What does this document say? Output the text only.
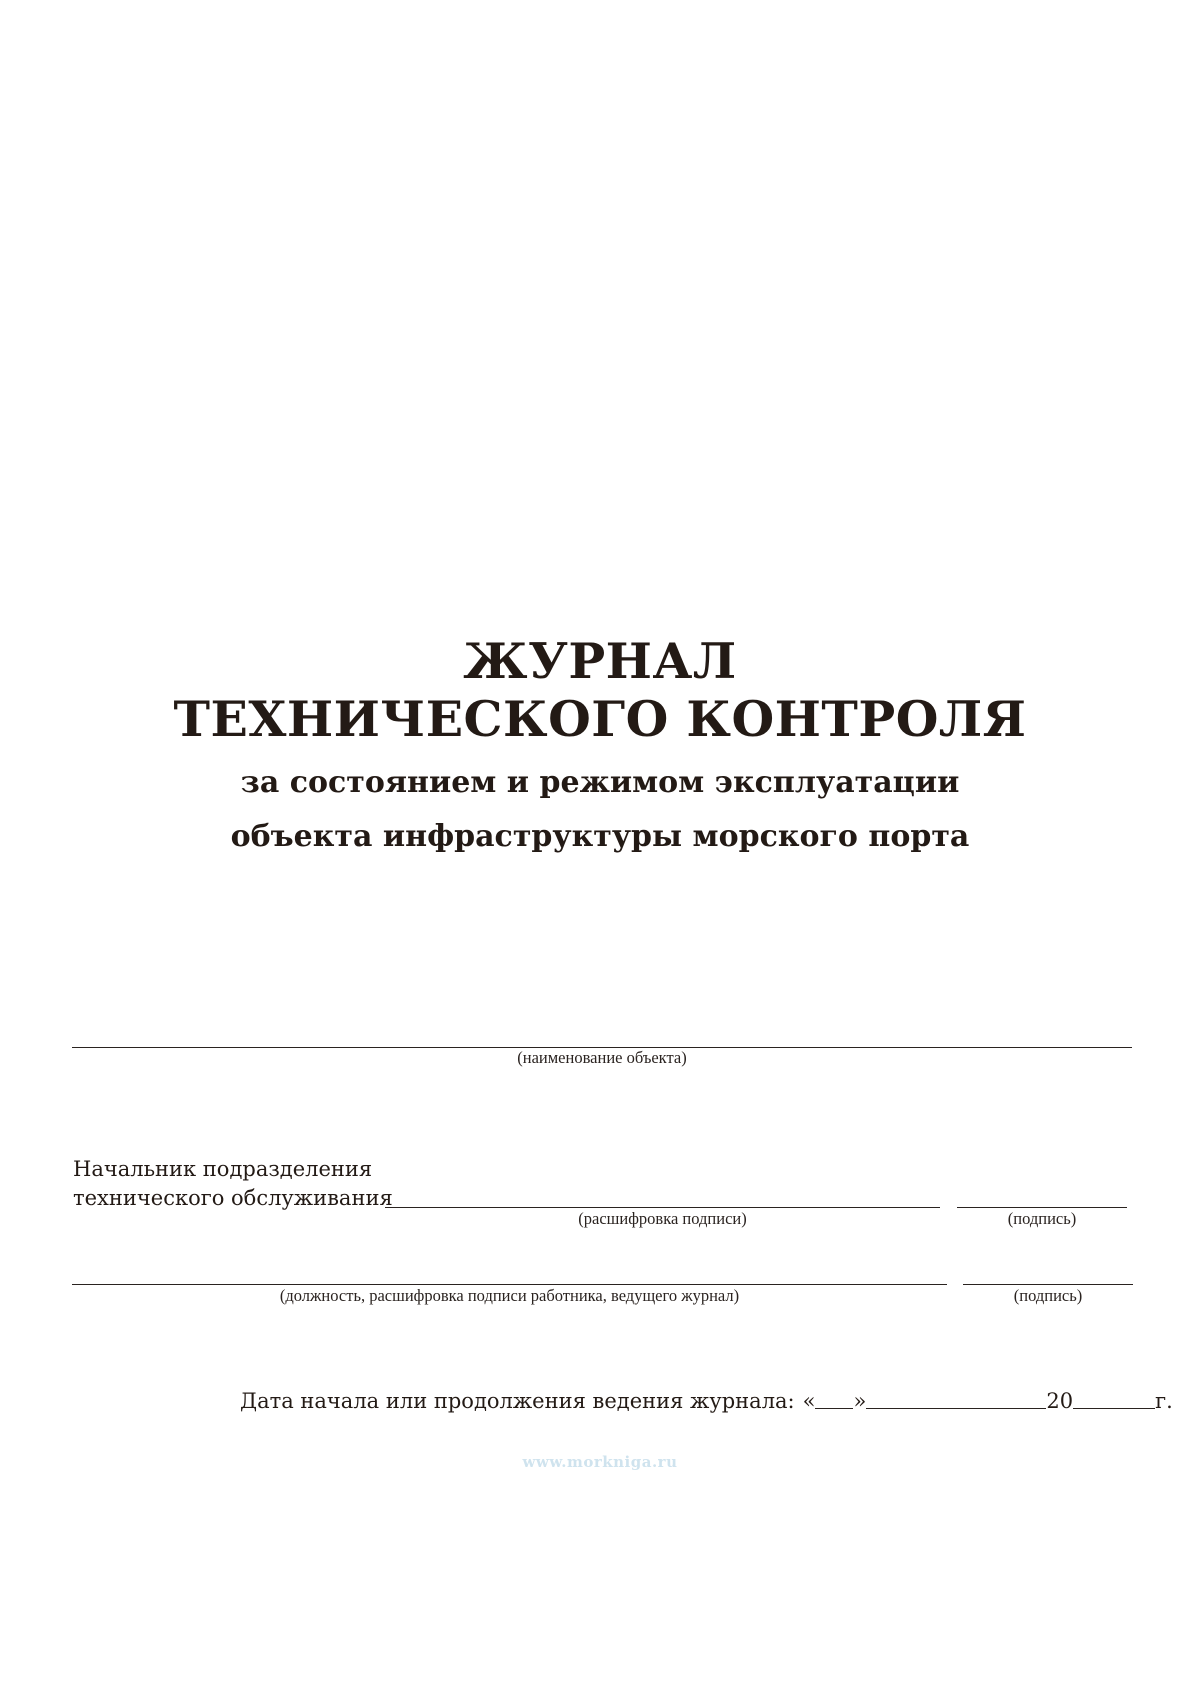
ЖУРНАЛ
ТЕХНИЧЕСКОГО КОНТРОЛЯ
за состоянием и режимом эксплуатации
объекта инфраструктуры морского порта
(наименование объекта)
Начальник подразделения
технического обслуживания
(расшифровка подписи)	(подпись)
(должность, расшифровка подписи работника, ведущего журнал)	(подпись)
Дата начала или продолжения ведения журнала: « »	20	г.
www.morkniga.ru
